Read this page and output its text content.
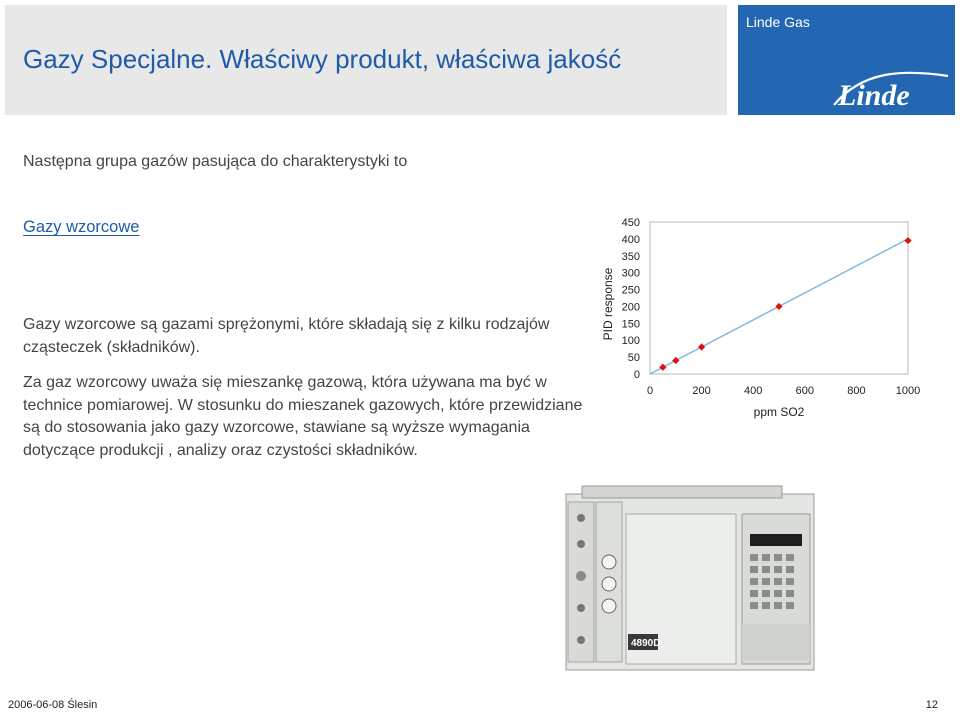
Gazy Specjalne. Właściwy produkt, właściwa jakość
Linde Gas
Linde
Następna grupa gazów pasująca do charakterystyki to
Gazy wzorcowe
Gazy wzorcowe są gazami sprężonymi, które składają się z kilku rodzajów cząsteczek (składników).
Za gaz wzorcowy uważa się mieszankę gazową, która używana ma być w technice pomiarowej. W stosunku do mieszanek gazowych, które przewidziane są do stosowania jako gazy wzorcowe, stawiane są wyższe wymagania dotyczące produkcji , analizy oraz czystości składników.
0
50
100
150
200
250
300
350
400
450
0	200	400	600	800	1000
ppm SO2
PID response
4890D
2006-06-08 Ślesin	12
